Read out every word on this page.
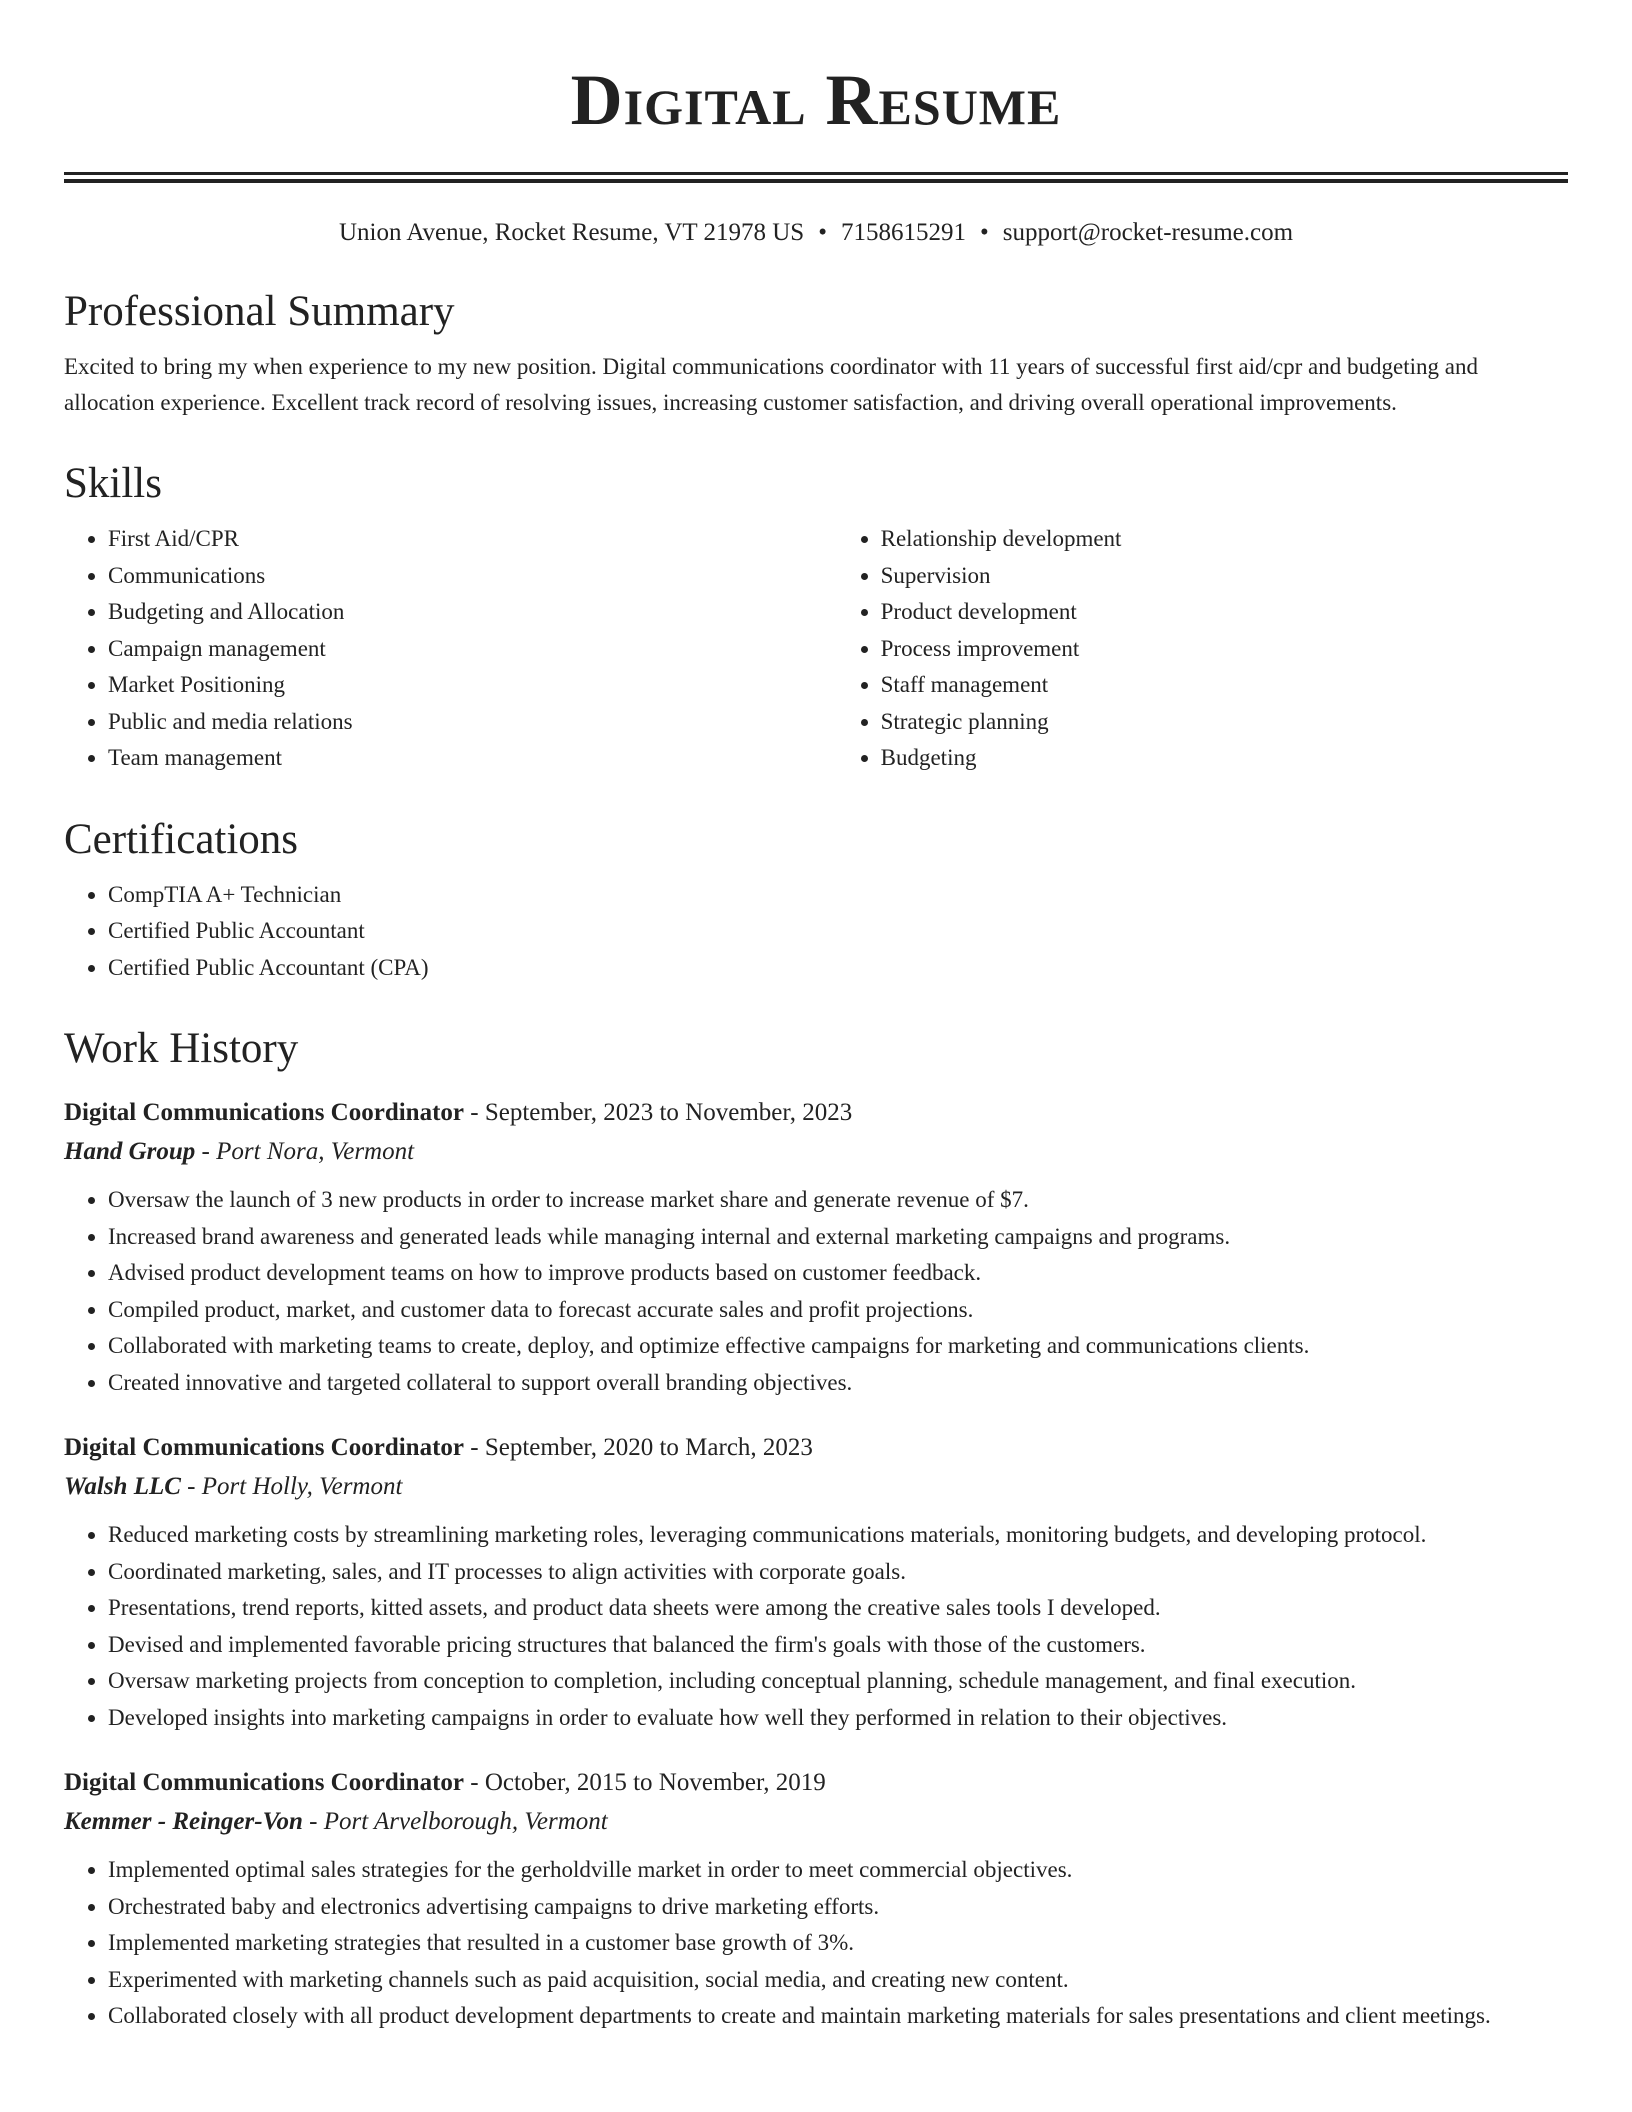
Digital Resume
Union Avenue, Rocket Resume, VT 21978 US • 7158615291 • support@rocket-resume.com
Professional Summary
Excited to bring my when experience to my new position. Digital communications coordinator with 11 years of successful first aid/cpr and budgeting and allocation experience. Excellent track record of resolving issues, increasing customer satisfaction, and driving overall operational improvements.
Skills
• First Aid/CPR
• Communications
• Budgeting and Allocation
• Campaign management
• Market Positioning
• Public and media relations
• Team management
• Relationship development
• Supervision
• Product development
• Process improvement
• Staff management
• Strategic planning
• Budgeting
Certifications
• CompTIA A+ Technician
• Certified Public Accountant
• Certified Public Accountant (CPA)
Work History
Digital Communications Coordinator - September, 2023 to November, 2023
Hand Group - Port Nora, Vermont
• Oversaw the launch of 3 new products in order to increase market share and generate revenue of $7.
• Increased brand awareness and generated leads while managing internal and external marketing campaigns and programs.
• Advised product development teams on how to improve products based on customer feedback.
• Compiled product, market, and customer data to forecast accurate sales and profit projections.
• Collaborated with marketing teams to create, deploy, and optimize effective campaigns for marketing and communications clients.
• Created innovative and targeted collateral to support overall branding objectives.
Digital Communications Coordinator - September, 2020 to March, 2023
Walsh LLC - Port Holly, Vermont
• Reduced marketing costs by streamlining marketing roles, leveraging communications materials, monitoring budgets, and developing protocol.
• Coordinated marketing, sales, and IT processes to align activities with corporate goals.
• Presentations, trend reports, kitted assets, and product data sheets were among the creative sales tools I developed.
• Devised and implemented favorable pricing structures that balanced the firm's goals with those of the customers.
• Oversaw marketing projects from conception to completion, including conceptual planning, schedule management, and final execution.
• Developed insights into marketing campaigns in order to evaluate how well they performed in relation to their objectives.
Digital Communications Coordinator - October, 2015 to November, 2019
Kemmer - Reinger-Von - Port Arvelborough, Vermont
• Implemented optimal sales strategies for the gerholdville market in order to meet commercial objectives.
• Orchestrated baby and electronics advertising campaigns to drive marketing efforts.
• Implemented marketing strategies that resulted in a customer base growth of 3%.
• Experimented with marketing channels such as paid acquisition, social media, and creating new content.
• Collaborated closely with all product development departments to create and maintain marketing materials for sales presentations and client meetings.
